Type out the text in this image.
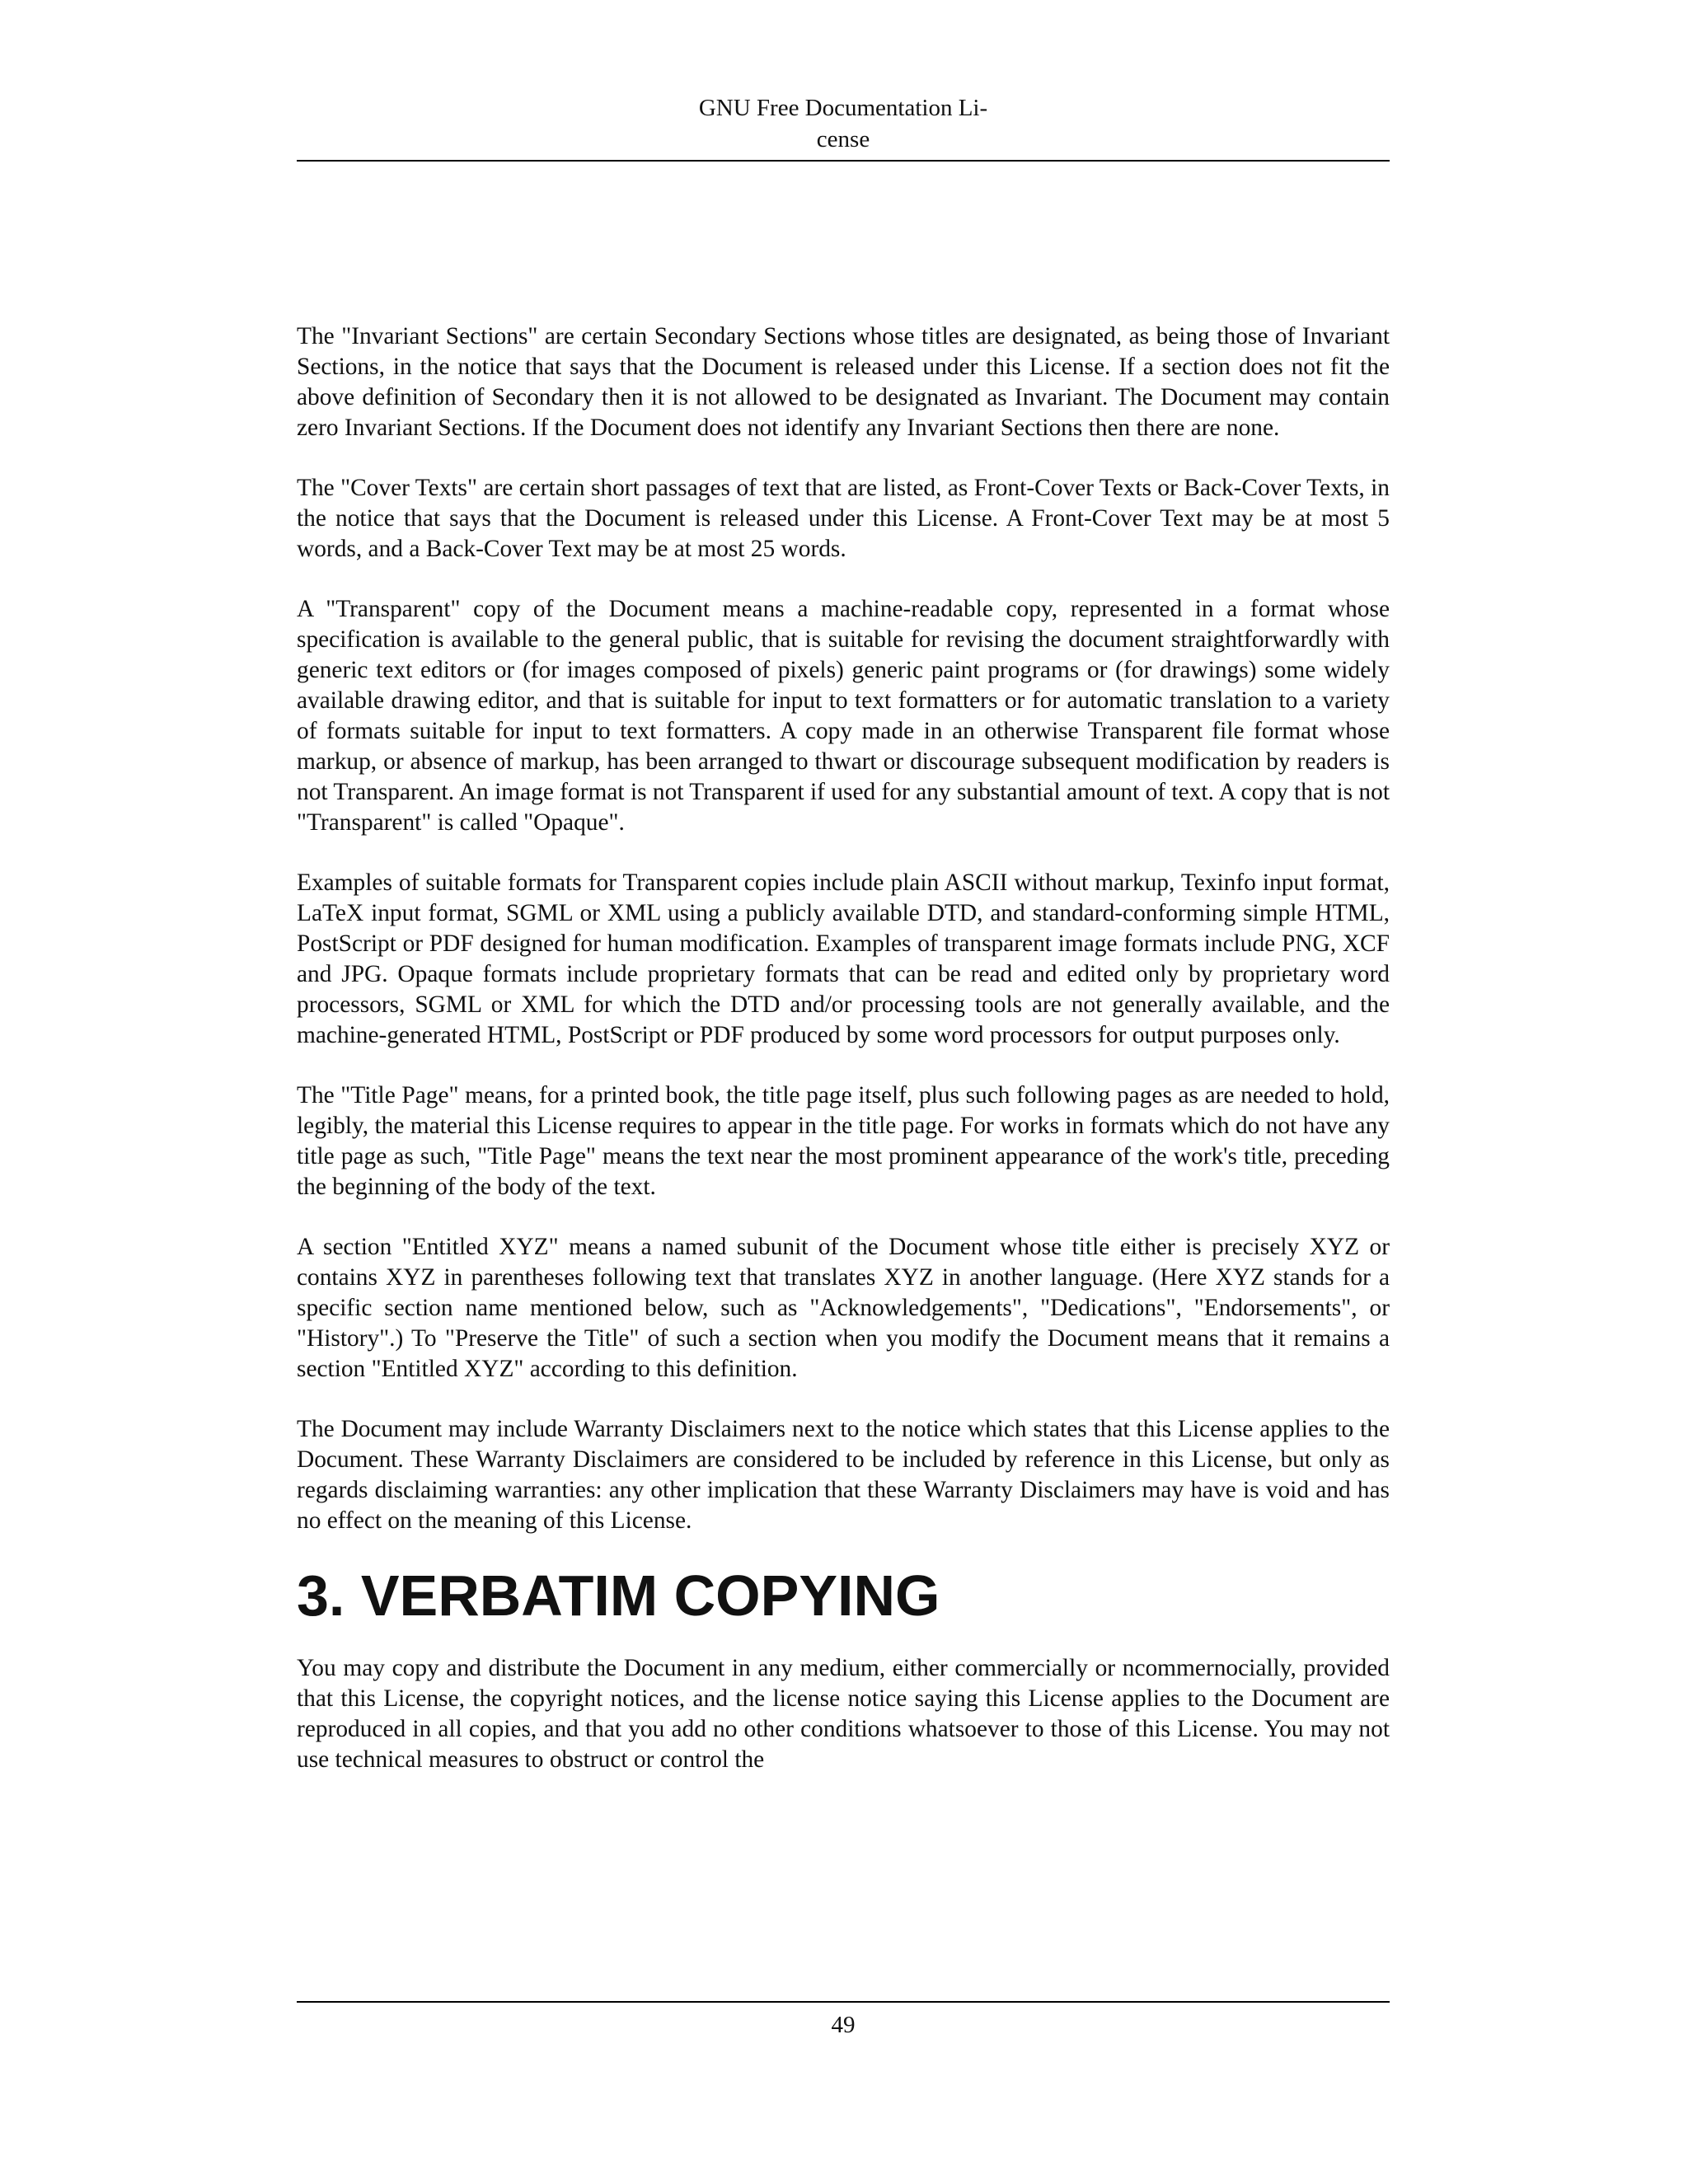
GNU Free Documentation Li-
cense

The "Invariant Sections" are certain Secondary Sections whose titles are designated, as being those of Invariant Sections, in the notice that says that the Document is released under this License. If a section does not fit the above definition of Secondary then it is not allowed to be designated as Invariant. The Document may contain zero Invariant Sections. If the Document does not identify any Invariant Sections then there are none.

The "Cover Texts" are certain short passages of text that are listed, as Front-Cover Texts or Back-Cover Texts, in the notice that says that the Document is released under this License. A Front-Cover Text may be at most 5 words, and a Back-Cover Text may be at most 25 words.

A "Transparent" copy of the Document means a machine-readable copy, represented in a format whose specification is available to the general public, that is suitable for revising the document straightforwardly with generic text editors or (for images composed of pixels) generic paint programs or (for drawings) some widely available drawing editor, and that is suitable for input to text formatters or for automatic translation to a variety of formats suitable for input to text formatters. A copy made in an otherwise Transparent file format whose markup, or absence of markup, has been arranged to thwart or discourage subsequent modification by readers is not Transparent. An image format is not Transparent if used for any substantial amount of text. A copy that is not "Transparent" is called "Opaque".

Examples of suitable formats for Transparent copies include plain ASCII without markup, Texinfo input format, LaTeX input format, SGML or XML using a publicly available DTD, and standard-conforming simple HTML, PostScript or PDF designed for human modification. Examples of transparent image formats include PNG, XCF and JPG. Opaque formats include proprietary formats that can be read and edited only by proprietary word processors, SGML or XML for which the DTD and/or processing tools are not generally available, and the machine-generated HTML, PostScript or PDF produced by some word processors for output purposes only.

The "Title Page" means, for a printed book, the title page itself, plus such following pages as are needed to hold, legibly, the material this License requires to appear in the title page. For works in formats which do not have any title page as such, "Title Page" means the text near the most prominent appearance of the work's title, preceding the beginning of the body of the text.

A section "Entitled XYZ" means a named subunit of the Document whose title either is precisely XYZ or contains XYZ in parentheses following text that translates XYZ in another language. (Here XYZ stands for a specific section name mentioned below, such as "Acknowledgements", "Dedications", "Endorsements", or "History".) To "Preserve the Title" of such a section when you modify the Document means that it remains a section "Entitled XYZ" according to this definition.

The Document may include Warranty Disclaimers next to the notice which states that this License applies to the Document. These Warranty Disclaimers are considered to be included by reference in this License, but only as regards disclaiming warranties: any other implication that these Warranty Disclaimers may have is void and has no effect on the meaning of this License.

3. VERBATIM COPYING

You may copy and distribute the Document in any medium, either commercially or ncommernocially, provided that this License, the copyright notices, and the license notice saying this License applies to the Document are reproduced in all copies, and that you add no other conditions whatsoever to those of this License. You may not use technical measures to obstruct or control the

49
